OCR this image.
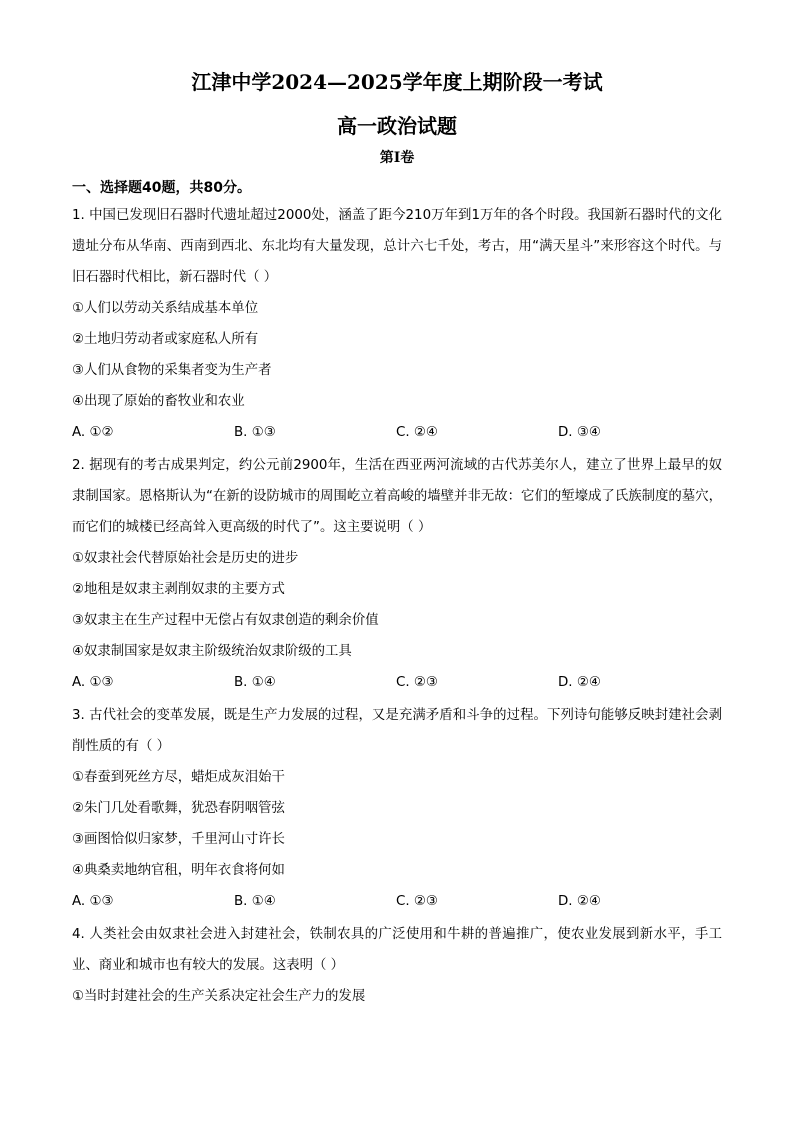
江津中学2024—2025学年度上期阶段一考试
高一政治试题
第Ⅰ卷
一、选择题40题，共80分。

1. 中国已发现旧石器时代遗址超过2000处，涵盖了距今210万年到1万年的各个时段。我国新石器时代的文化遗址分布从华南、西南到西北、东北均有大量发现，总计六七千处，考古，用“满天星斗”来形容这个时代。与旧石器时代相比，新石器时代（ ）

①人们以劳动关系结成基本单位

②土地归劳动者或家庭私人所有

③人们从食物的采集者变为生产者

④出现了原始的畜牧业和农业

A. ①②	B. ①③	C. ②④	D. ③④

2. 据现有的考古成果判定，约公元前2900年，生活在西亚两河流域的古代苏美尔人，建立了世界上最早的奴隶制国家。恩格斯认为“在新的设防城市的周围屹立着高峻的墙壁并非无故：它们的堑壕成了氏族制度的墓穴，而它们的城楼已经高耸入更高级的时代了”。这主要说明（ ）

①奴隶社会代替原始社会是历史的进步

②地租是奴隶主剥削奴隶的主要方式

③奴隶主在生产过程中无偿占有奴隶创造的剩余价值

④奴隶制国家是奴隶主阶级统治奴隶阶级的工具

A. ①③	B. ①④	C. ②③	D. ②④

3. 古代社会的变革发展，既是生产力发展的过程，又是充满矛盾和斗争的过程。下列诗句能够反映封建社会剥削性质的有（ ）

①春蚕到死丝方尽，蜡炬成灰泪始干

②朱门几处看歌舞，犹恐春阴咽管弦

③画图恰似归家梦，千里河山寸许长

④典桑卖地纳官租，明年衣食将何如

A. ①③	B. ①④	C. ②③	D. ②④

4. 人类社会由奴隶社会进入封建社会，铁制农具的广泛使用和牛耕的普遍推广，使农业发展到新水平，手工业、商业和城市也有较大的发展。这表明（ ）

①当时封建社会的生产关系决定社会生产力的发展
